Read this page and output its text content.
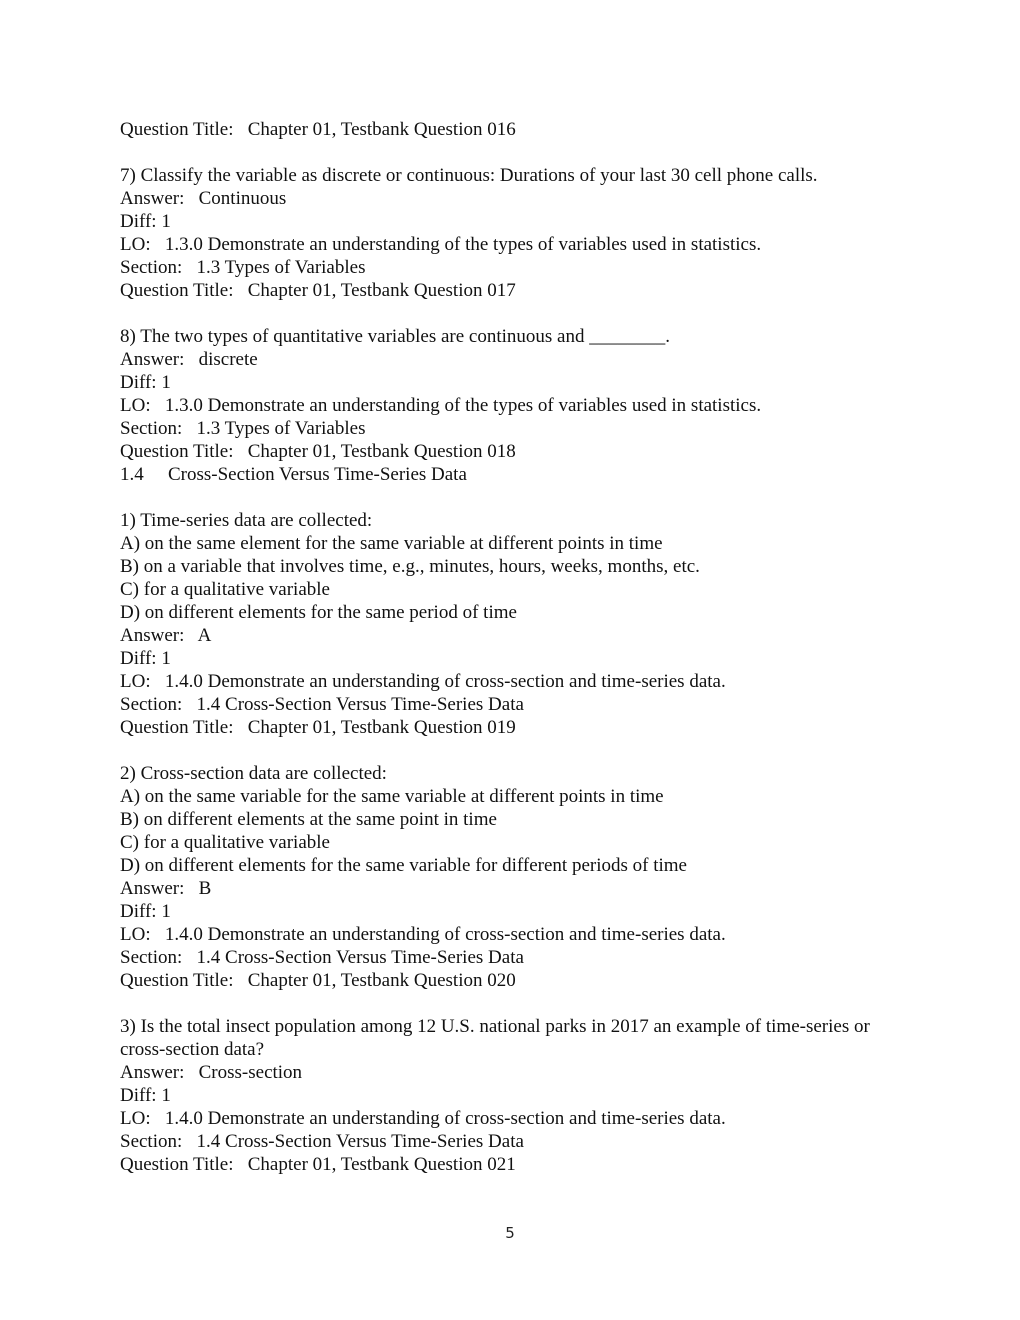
Question Title:   Chapter 01, Testbank Question 016
7) Classify the variable as discrete or continuous: Durations of your last 30 cell phone calls.
Answer:   Continuous
Diff: 1
LO:   1.3.0 Demonstrate an understanding of the types of variables used in statistics.
Section:   1.3 Types of Variables
Question Title:   Chapter 01, Testbank Question 017
8) The two types of quantitative variables are continuous and ________.
Answer:   discrete
Diff: 1
LO:   1.3.0 Demonstrate an understanding of the types of variables used in statistics.
Section:   1.3 Types of Variables
Question Title:   Chapter 01, Testbank Question 018
1.4 Cross-Section Versus Time-Series Data
1) Time-series data are collected:
A) on the same element for the same variable at different points in time
B) on a variable that involves time, e.g., minutes, hours, weeks, months, etc.
C) for a qualitative variable
D) on different elements for the same period of time
Answer:   A
Diff: 1
LO:   1.4.0 Demonstrate an understanding of cross-section and time-series data.
Section:   1.4 Cross-Section Versus Time-Series Data
Question Title:   Chapter 01, Testbank Question 019
2) Cross-section data are collected:
A) on the same variable for the same variable at different points in time
B) on different elements at the same point in time
C) for a qualitative variable
D) on different elements for the same variable for different periods of time
Answer:   B
Diff: 1
LO:   1.4.0 Demonstrate an understanding of cross-section and time-series data.
Section:   1.4 Cross-Section Versus Time-Series Data
Question Title:   Chapter 01, Testbank Question 020
3) Is the total insect population among 12 U.S. national parks in 2017 an example of time-series or cross-section data?
Answer:   Cross-section
Diff: 1
LO:   1.4.0 Demonstrate an understanding of cross-section and time-series data.
Section:   1.4 Cross-Section Versus Time-Series Data
Question Title:   Chapter 01, Testbank Question 021
5
